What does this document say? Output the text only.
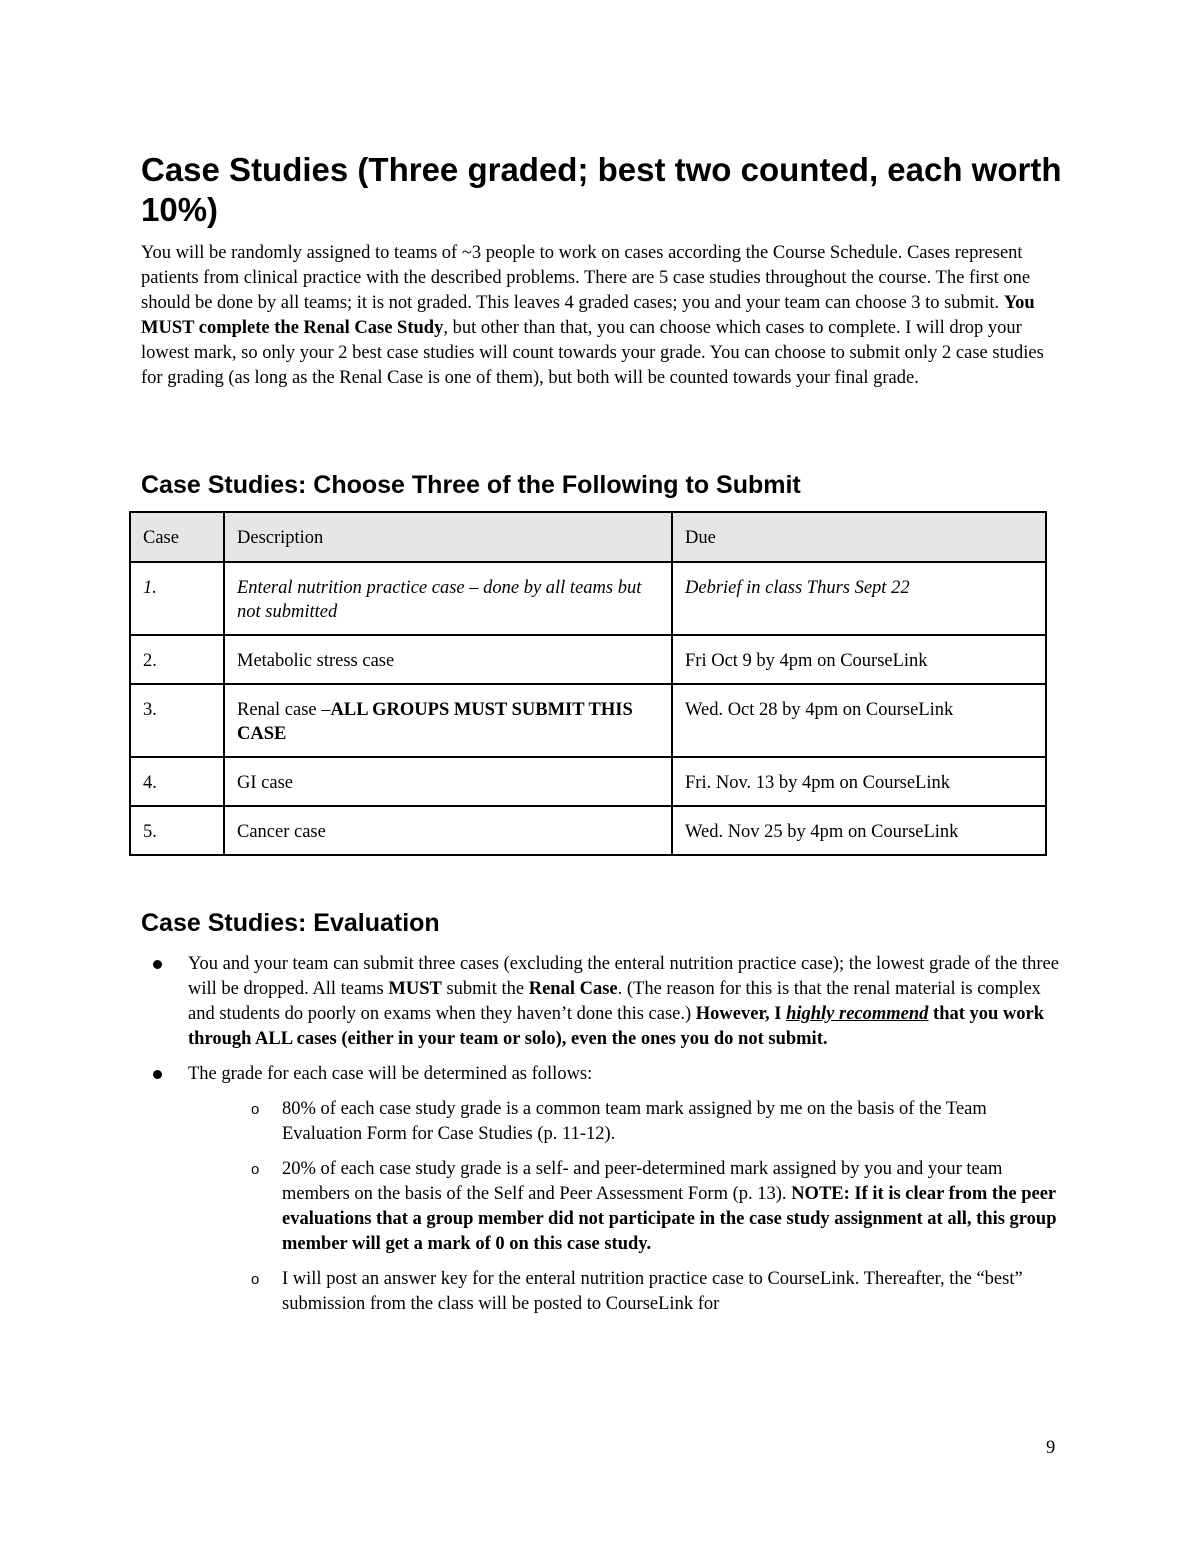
Case Studies (Three graded; best two counted, each worth 10%)

You will be randomly assigned to teams of ~3 people to work on cases according the Course Schedule. Cases represent patients from clinical practice with the described problems. There are 5 case studies throughout the course. The first one should be done by all teams; it is not graded. This leaves 4 graded cases; you and your team can choose 3 to submit. You MUST complete the Renal Case Study, but other than that, you can choose which cases to complete. I will drop your lowest mark, so only your 2 best case studies will count towards your grade. You can choose to submit only 2 case studies for grading (as long as the Renal Case is one of them), but both will be counted towards your final grade.

Case Studies: Choose Three of the Following to Submit
Case	Description	Due
1.	Enteral nutrition practice case – done by all teams but not submitted	Debrief in class Thurs Sept 22
2.	Metabolic stress case	Fri Oct 9 by 4pm on CourseLink
3.	Renal case –ALL GROUPS MUST SUBMIT THIS CASE	Wed. Oct 28 by 4pm on CourseLink
4.	GI case	Fri. Nov. 13 by 4pm on CourseLink
5.	Cancer case	Wed. Nov 25 by 4pm on CourseLink
Case Studies: Evaluation
You and your team can submit three cases (excluding the enteral nutrition practice case); the lowest grade of the three will be dropped. All teams MUST submit the Renal Case. (The reason for this is that the renal material is complex and students do poorly on exams when they haven’t done this case.) However, I highly recommend that you work through ALL cases (either in your team or solo), even the ones you do not submit.
The grade for each case will be determined as follows:
o 80% of each case study grade is a common team mark assigned by me on the basis of the Team Evaluation Form for Case Studies (p. 11-12).
o 20% of each case study grade is a self- and peer-determined mark assigned by you and your team members on the basis of the Self and Peer Assessment Form (p. 13). NOTE: If it is clear from the peer evaluations that a group member did not participate in the case study assignment at all, this group member will get a mark of 0 on this case study.
o I will post an answer key for the enteral nutrition practice case to CourseLink. Thereafter, the “best” submission from the class will be posted to CourseLink for
9
